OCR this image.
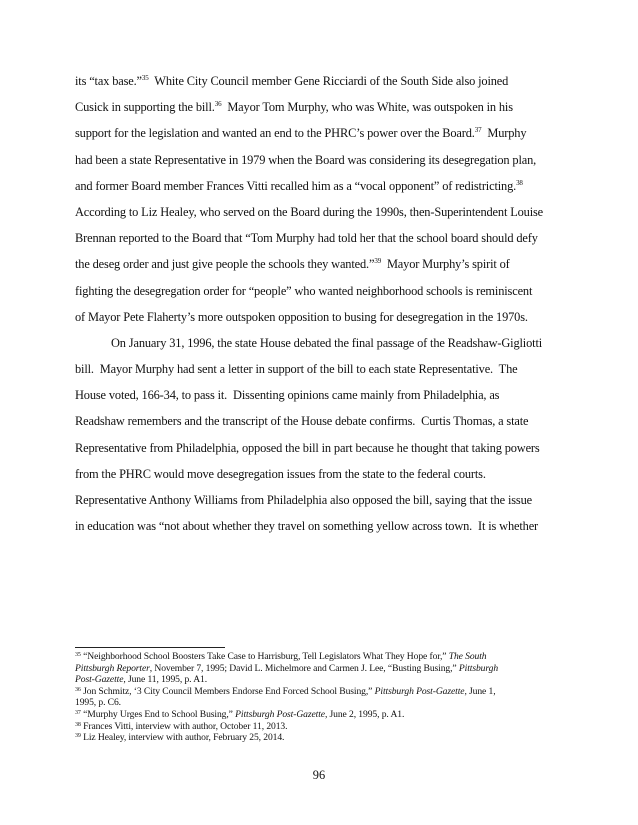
its “tax base.”$^{35}$  White City Council member Gene Ricciardi of the South Side also joined
Cusick in supporting the bill.$^{36}$  Mayor Tom Murphy, who was White, was outspoken in his
support for the legislation and wanted an end to the PHRC’s power over the Board.$^{37}$  Murphy
had been a state Representative in 1979 when the Board was considering its desegregation plan,
and former Board member Frances Vitti recalled him as a “vocal opponent” of redistricting.$^{38}$
According to Liz Healey, who served on the Board during the 1990s, then-Superintendent Louise
Brennan reported to the Board that “Tom Murphy had told her that the school board should defy
the deseg order and just give people the schools they wanted.”$^{39}$  Mayor Murphy’s spirit of
fighting the desegregation order for “people” who wanted neighborhood schools is reminiscent
of Mayor Pete Flaherty’s more outspoken opposition to busing for desegregation in the 1970s.
On January 31, 1996, the state House debated the final passage of the Readshaw-Gigliotti
bill.  Mayor Murphy had sent a letter in support of the bill to each state Representative.  The
House voted, 166-34, to pass it.  Dissenting opinions came mainly from Philadelphia, as
Readshaw remembers and the transcript of the House debate confirms.  Curtis Thomas, a state
Representative from Philadelphia, opposed the bill in part because he thought that taking powers
from the PHRC would move desegregation issues from the state to the federal courts.
Representative Anthony Williams from Philadelphia also opposed the bill, saying that the issue
in education was “not about whether they travel on something yellow across town.  It is whether
$^{35}$ “Neighborhood School Boosters Take Case to Harrisburg, Tell Legislators What They Hope for,” The South
Pittsburgh Reporter, November 7, 1995; David L. Michelmore and Carmen J. Lee, “Busting Busing,” Pittsburgh
Post-Gazette, June 11, 1995, p. A1.
$^{36}$ Jon Schmitz, ‘3 City Council Members Endorse End Forced School Busing,” Pittsburgh Post-Gazette, June 1,
1995, p. C6.
$^{37}$ “Murphy Urges End to School Busing,” Pittsburgh Post-Gazette, June 2, 1995, p. A1.
$^{38}$ Frances Vitti, interview with author, October 11, 2013.
$^{39}$ Liz Healey, interview with author, February 25, 2014.
96
